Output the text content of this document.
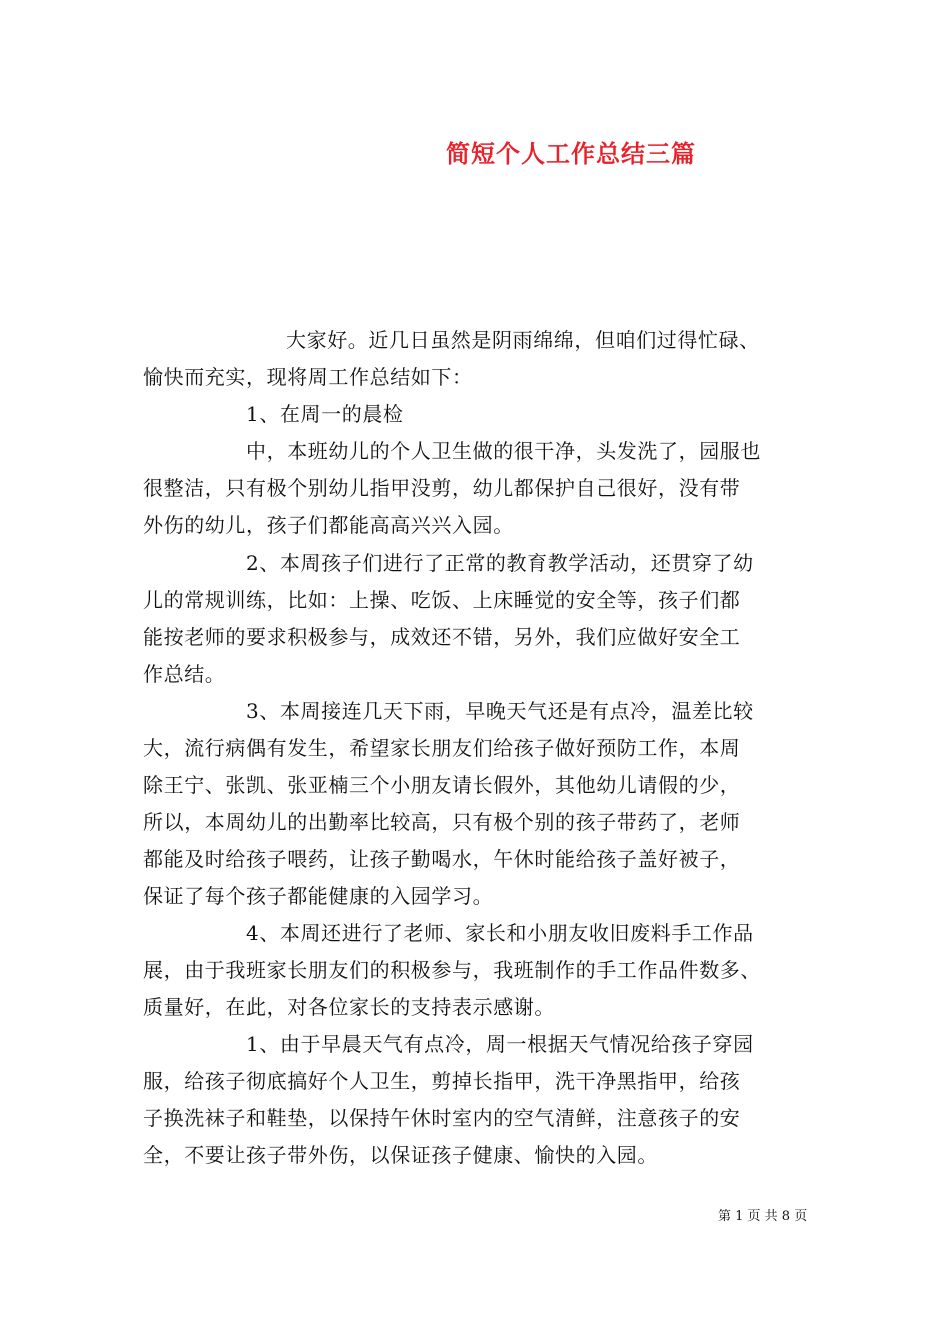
简短个人工作总结三篇
大家好。近几日虽然是阴雨绵绵，但咱们过得忙碌、
愉快而充实，现将周工作总结如下：
1、在周一的晨检
中，本班幼儿的个人卫生做的很干净，头发洗了，园服也
很整洁，只有极个别幼儿指甲没剪，幼儿都保护自己很好，没有带
外伤的幼儿，孩子们都能高高兴兴入园。
2、本周孩子们进行了正常的教育教学活动，还贯穿了幼
儿的常规训练，比如：上操、吃饭、上床睡觉的安全等，孩子们都
能按老师的要求积极参与，成效还不错，另外，我们应做好安全工
作总结。
3、本周接连几天下雨，早晚天气还是有点冷，温差比较
大，流行病偶有发生，希望家长朋友们给孩子做好预防工作，本周
除王宁、张凯、张亚楠三个小朋友请长假外，其他幼儿请假的少，
所以，本周幼儿的出勤率比较高，只有极个别的孩子带药了，老师
都能及时给孩子喂药，让孩子勤喝水，午休时能给孩子盖好被子，
保证了每个孩子都能健康的入园学习。
4、本周还进行了老师、家长和小朋友收旧废料手工作品
展，由于我班家长朋友们的积极参与，我班制作的手工作品件数多、
质量好，在此，对各位家长的支持表示感谢。
1、由于早晨天气有点冷，周一根据天气情况给孩子穿园
服，给孩子彻底搞好个人卫生，剪掉长指甲，洗干净黑指甲，给孩
子换洗袜子和鞋垫，以保持午休时室内的空气清鲜，注意孩子的安
全，不要让孩子带外伤，以保证孩子健康、愉快的入园。
第 1 页 共 8 页
